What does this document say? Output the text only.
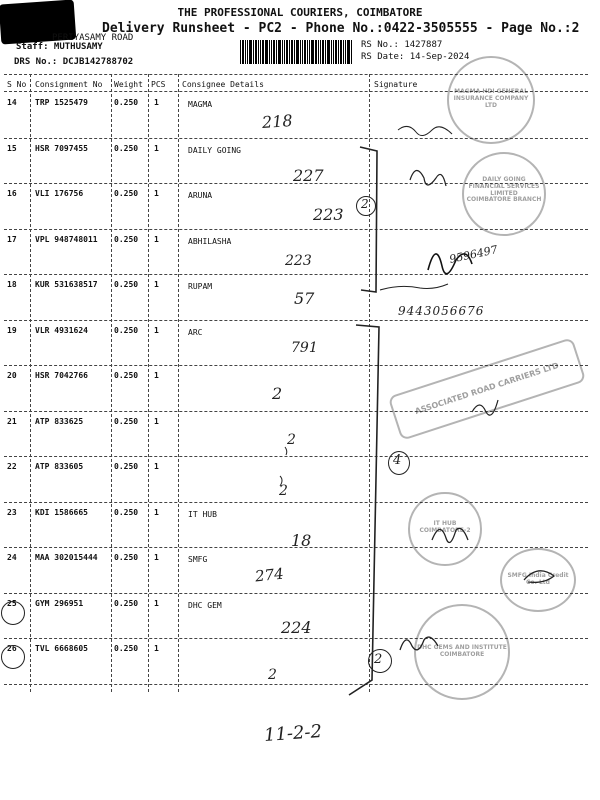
THE PROFESSIONAL COURIERS, COIMBATORE
Delivery Runsheet - PC2 - Phone No.:0422-3505555 - Page No.:2
PERIYASAMY ROAD
Staff: MUTHUSAMY
DRS No.: DCJB142788702
RS No.: 1427887
RS Date: 14-Sep-2024
S No Consignment No Weight PCS Consignee Details	Signature
14 TRP 1525479	0.250 1	MAGMA
15 HSR 7097455	0.250 1	DAILY GOING
16 VLI 176756	0.250 1	ARUNA
17 VPL 948748011 0.250 1	ABHILASHA
18 KUR 531638517 0.250 1	RUPAM
19 VLR 4931624	0.250 1	ARC
20 HSR 7042766	0.250 1
21 ATP 833625	0.250 1
22 ATP 833605	0.250 1
23 KDI 1586665	0.250 1	IT HUB
24 MAA 302015444 0.250 1	SMFG
25 GYM 296951	0.250 1	DHC GEM
26 TVL 6668605	0.250 1
218
227
223
2
223	9596497
57
9443056676
791
2
2
2
4
18
274
224
2
2
11-2-2
MAGMA HDI GENERAL INSURANCE COMPANY LTD
DAILY GOING FINANCIAL SERVICES LIMITED
COIMBATORE BRANCH
ASSOCIATED ROAD CARRIERS LTD
IT HUB COIMBATORE-2
SMFG India Credit Co. Ltd
DHC GEMS AND INSTITUTE COIMBATORE
